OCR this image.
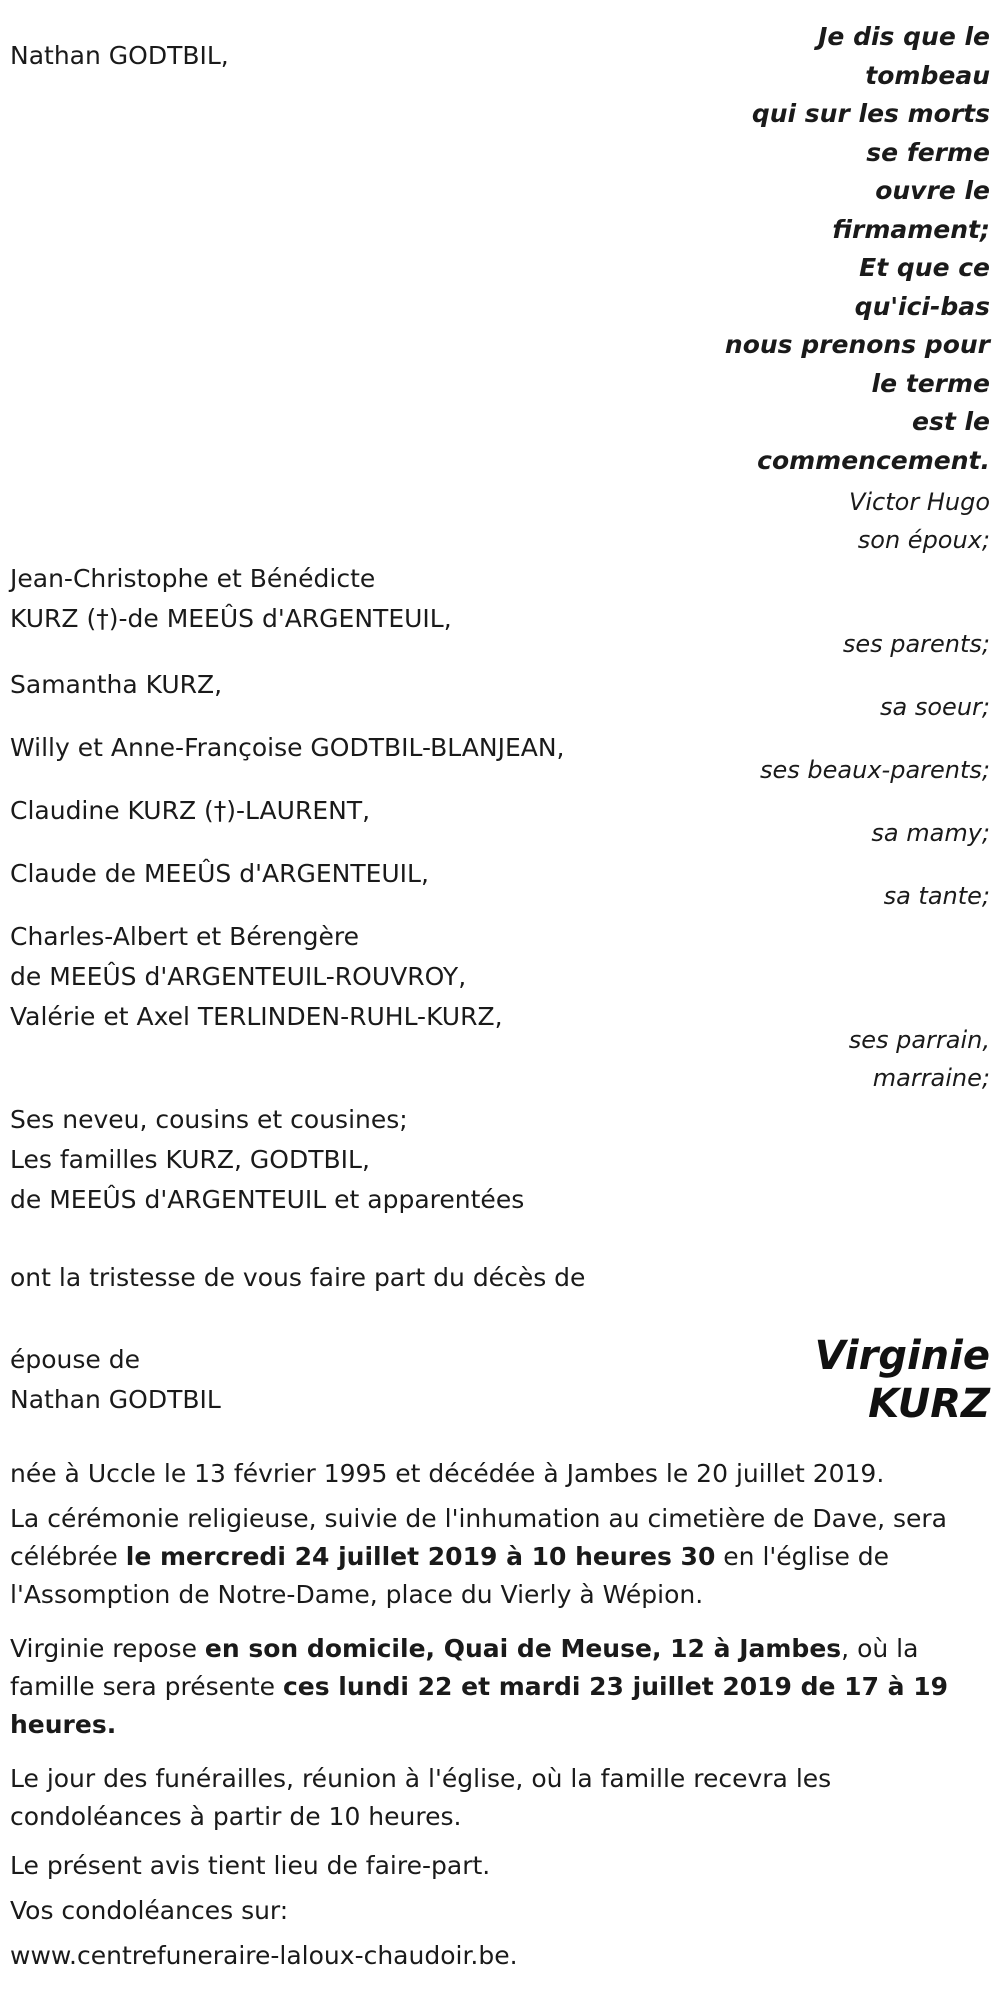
Nathan GODTBIL,

Je dis que le
tombeau
qui sur les morts
se ferme
ouvre le
firmament;
Et que ce
qu'ici-bas
nous prenons pour
le terme
est le
commencement.

Victor Hugo

son époux;

Jean-Christophe et Bénédicte
KURZ (†)-de MEEÛS d'ARGENTEUIL,

ses parents;

Samantha KURZ,

sa soeur;

Willy et Anne-Françoise GODTBIL-BLANJEAN,

ses beaux-parents;

Claudine KURZ (†)-LAURENT,

sa mamy;

Claude de MEEÛS d'ARGENTEUIL,

sa tante;

Charles-Albert et Bérengère
de MEEÛS d'ARGENTEUIL-ROUVROY,
Valérie et Axel TERLINDEN-RUHL-KURZ,
ses parrain,
marraine;
Ses neveu, cousins et cousines;
Les familles KURZ, GODTBIL,
de MEEÛS d'ARGENTEUIL et apparentées

ont la tristesse de vous faire part du décès de

épouse de
Nathan GODTBIL
Virginie
KURZ

née à Uccle le 13 février 1995 et décédée à Jambes le 20 juillet 2019.

La cérémonie religieuse, suivie de l'inhumation au cimetière de Dave, sera célébrée le mercredi 24 juillet 2019 à 10 heures 30 en l'église de l'Assomption de Notre-Dame, place du Vierly à Wépion.

Virginie repose en son domicile, Quai de Meuse, 12 à Jambes, où la famille sera présente ces lundi 22 et mardi 23 juillet 2019 de 17 à 19 heures.

Le jour des funérailles, réunion à l'église, où la famille recevra les condoléances à partir de 10 heures.

Le présent avis tient lieu de faire-part.

Vos condoléances sur:

www.centrefuneraire-laloux-chaudoir.be.
